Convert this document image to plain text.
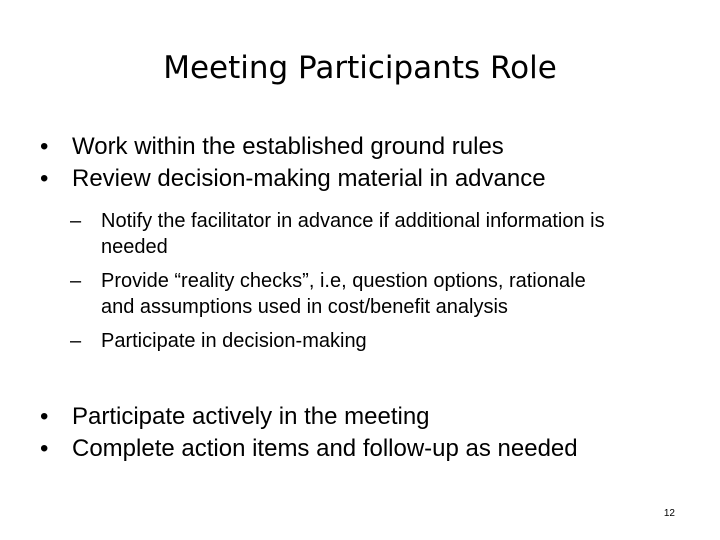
Meeting Participants Role
• Work within the established ground rules
• Review decision-making material in advance
– Notify the facilitator in advance if additional information is needed
– Provide “reality checks”, i.e, question options, rationale and assumptions used in cost/benefit analysis
– Participate in decision-making
• Participate actively in the meeting
• Complete action items and follow-up as needed
12
